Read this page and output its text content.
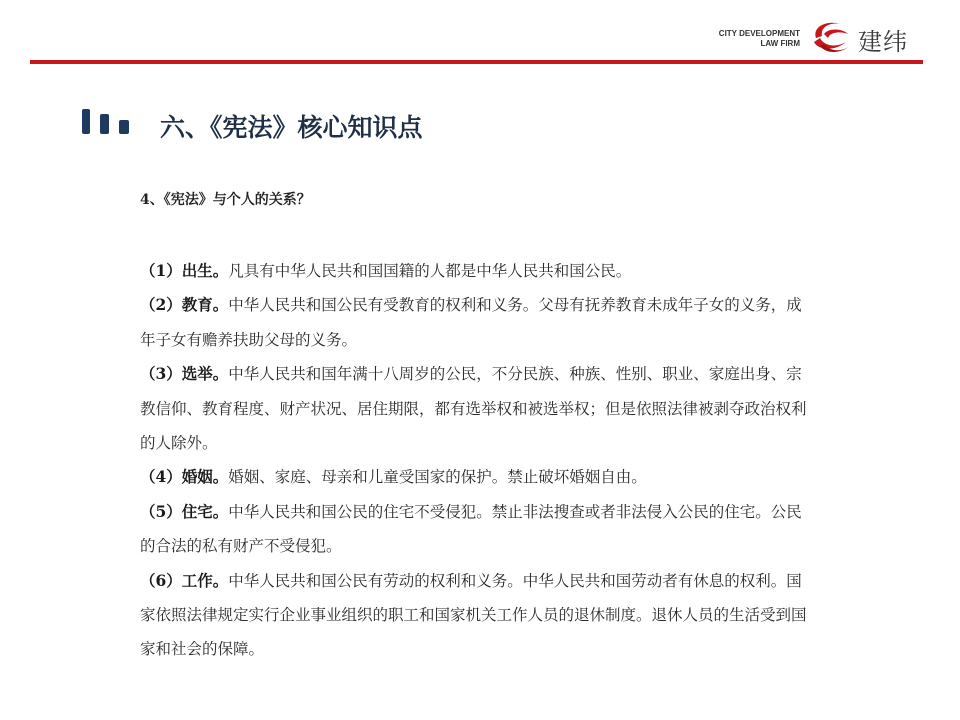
CITY DEVELOPMENT
LAW FIRM 建纬
六、《宪法》核心知识点
4、《宪法》与个人的关系？

（1）出生。凡具有中华人民共和国国籍的人都是中华人民共和国公民。

（2）教育。中华人民共和国公民有受教育的权利和义务。父母有抚养教育未成年子女的义务，成年子女有赡养扶助父母的义务。

（3）选举。中华人民共和国年满十八周岁的公民，不分民族、种族、性别、职业、家庭出身、宗教信仰、教育程度、财产状况、居住期限，都有选举权和被选举权；但是依照法律被剥夺政治权利的人除外。

（4）婚姻。婚姻、家庭、母亲和儿童受国家的保护。禁止破坏婚姻自由。

（5）住宅。中华人民共和国公民的住宅不受侵犯。禁止非法搜查或者非法侵入公民的住宅。公民的合法的私有财产不受侵犯。

（6）工作。中华人民共和国公民有劳动的权利和义务。中华人民共和国劳动者有休息的权利。国家依照法律规定实行企业事业组织的职工和国家机关工作人员的退休制度。退休人员的生活受到国家和社会的保障。
